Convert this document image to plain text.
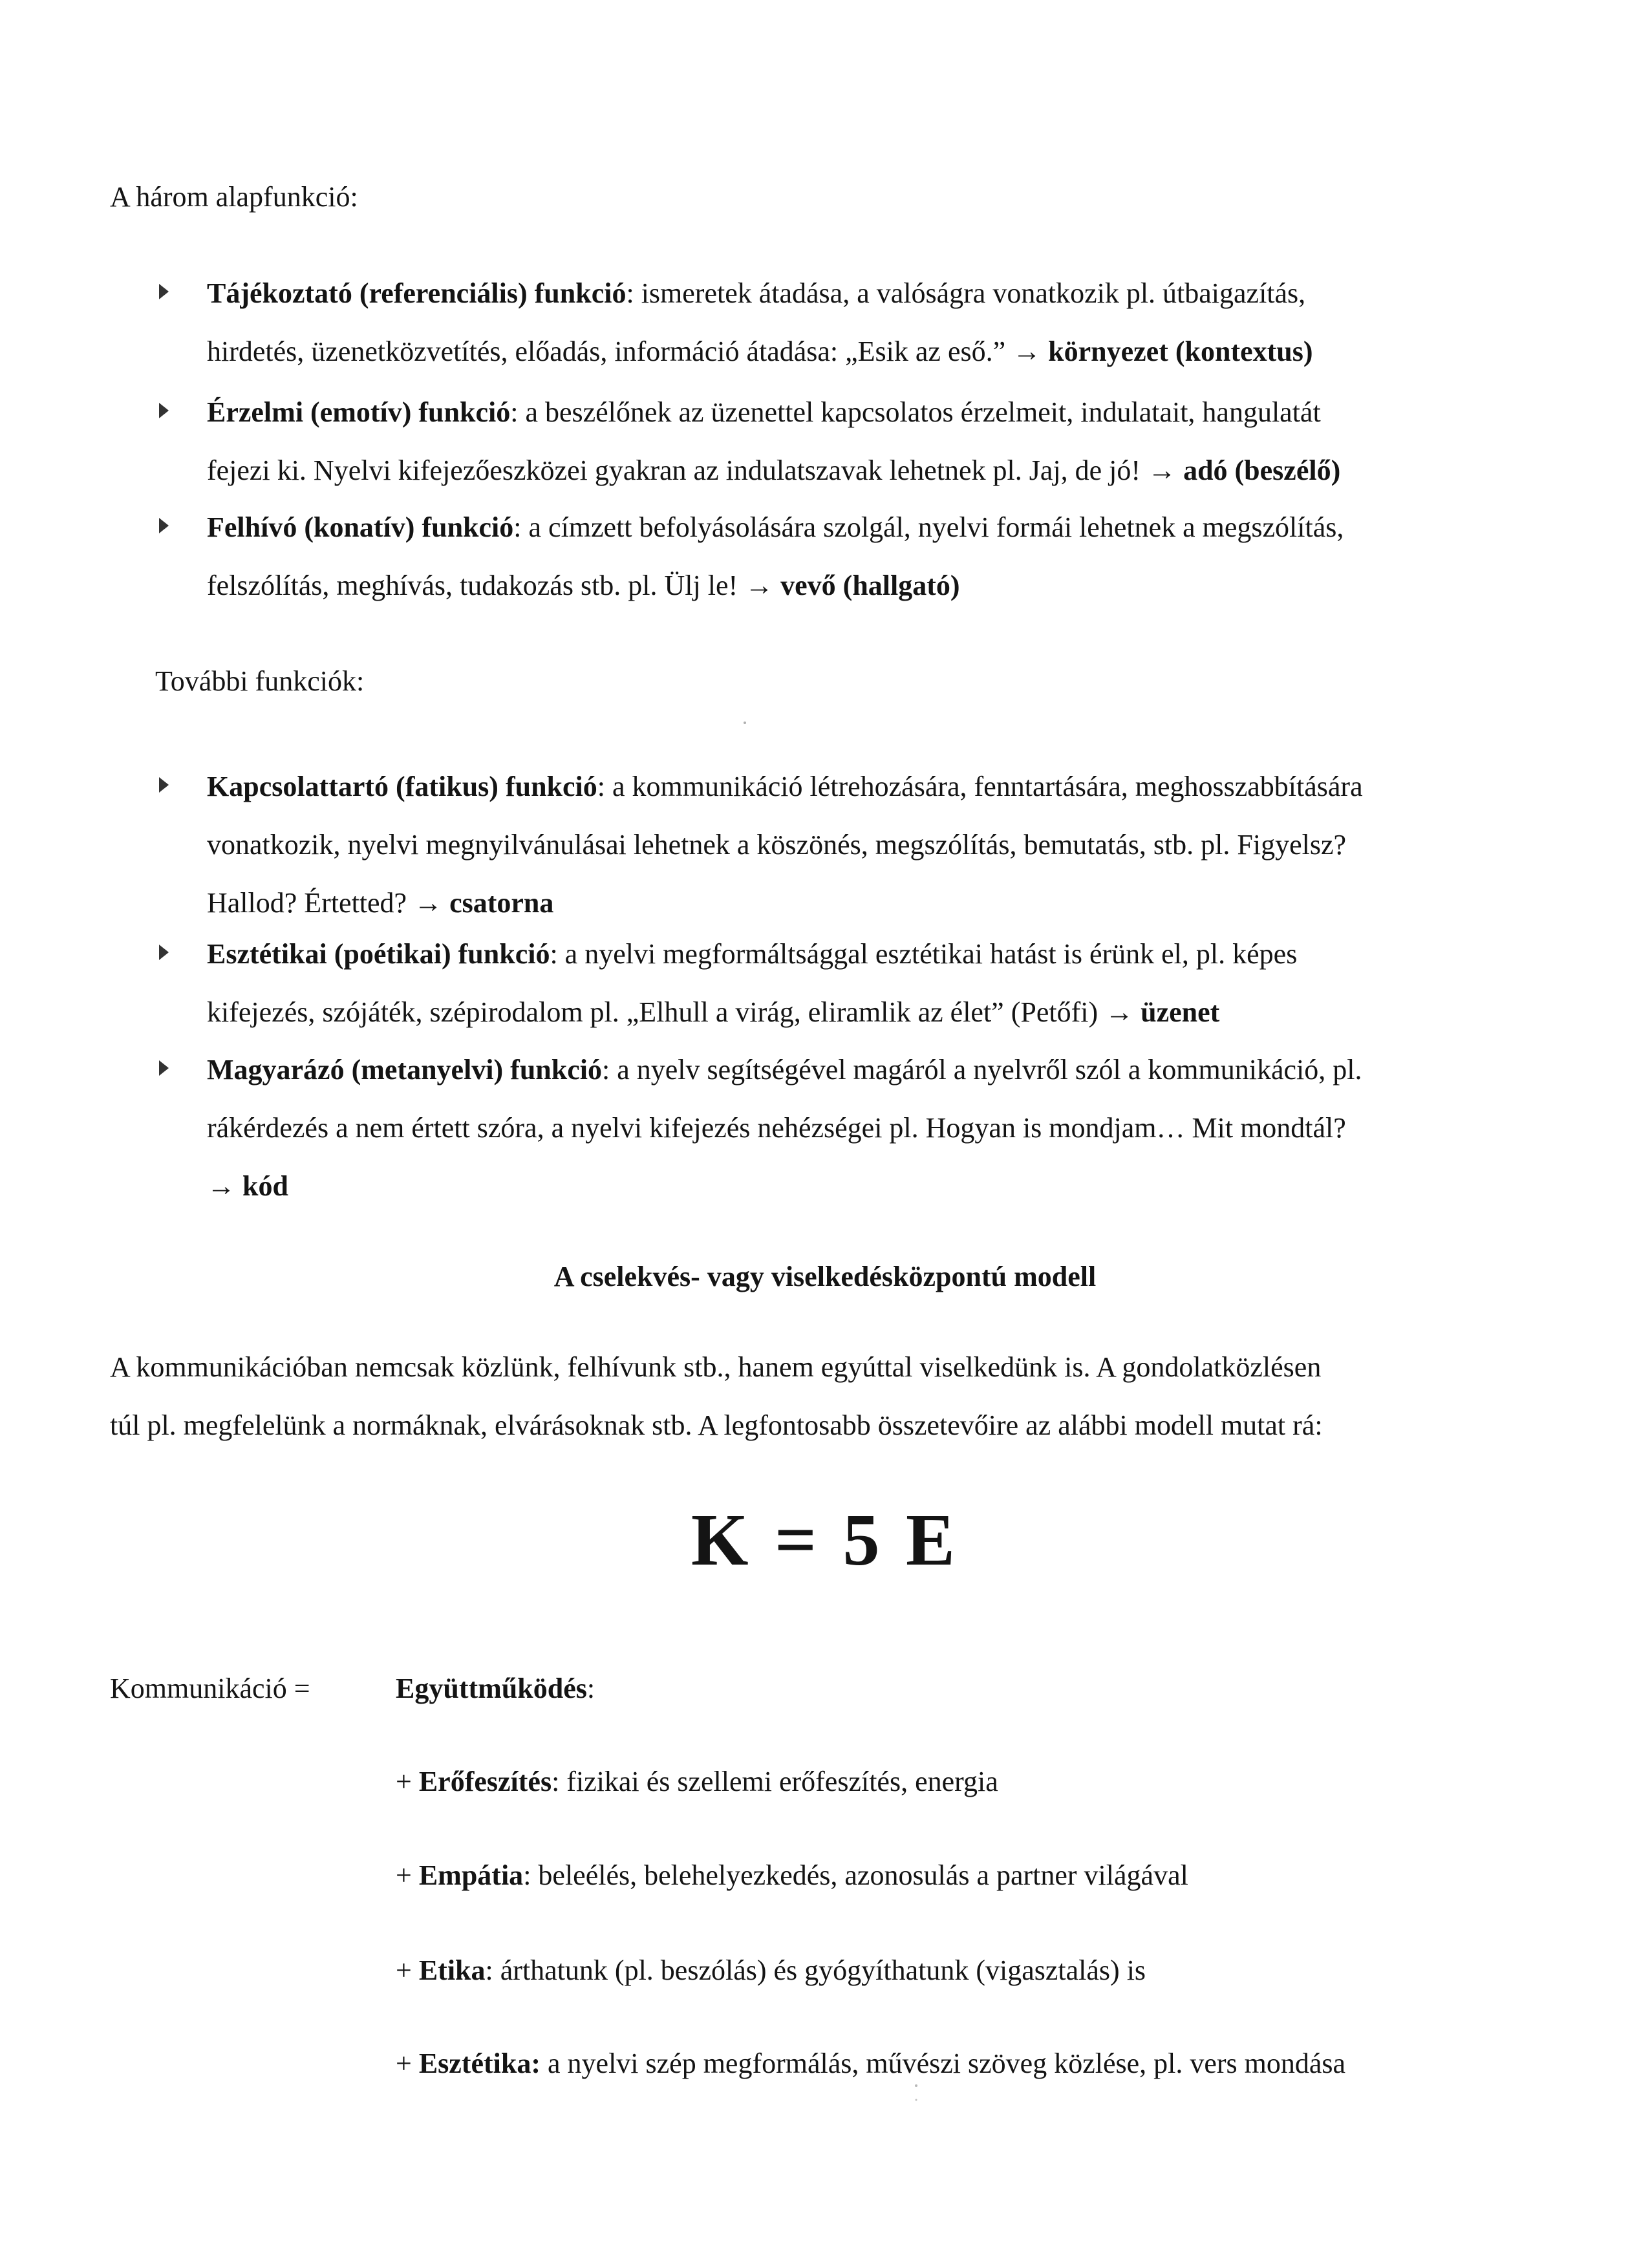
A három alapfunkció:
Tájékoztató (referenciális) funkció: ismeretek átadása, a valóságra vonatkozik pl. útbaigazítás,
hirdetés, üzenetközvetítés, előadás, információ átadása: „Esik az eső.” → környezet (kontextus)
Érzelmi (emotív) funkció: a beszélőnek az üzenettel kapcsolatos érzelmeit, indulatait, hangulatát
fejezi ki. Nyelvi kifejezőeszközei gyakran az indulatszavak lehetnek pl. Jaj, de jó! → adó (beszélő)
Felhívó (konatív) funkció: a címzett befolyásolására szolgál, nyelvi formái lehetnek a megszólítás,
felszólítás, meghívás, tudakozás stb. pl. Ülj le! → vevő (hallgató)
További funkciók:
Kapcsolattartó (fatikus) funkció: a kommunikáció létrehozására, fenntartására, meghosszabbítására
vonatkozik, nyelvi megnyilvánulásai lehetnek a köszönés, megszólítás, bemutatás, stb. pl. Figyelsz?
Hallod? Értetted? → csatorna
Esztétikai (poétikai) funkció: a nyelvi megformáltsággal esztétikai hatást is érünk el, pl. képes
kifejezés, szójáték, szépirodalom pl. „Elhull a virág, eliramlik az élet” (Petőfi) → üzenet
Magyarázó (metanyelvi) funkció: a nyelv segítségével magáról a nyelvről szól a kommunikáció, pl.
rákérdezés a nem értett szóra, a nyelvi kifejezés nehézségei pl. Hogyan is mondjam… Mit mondtál?
→ kód
A cselekvés- vagy viselkedésközpontú modell
A kommunikációban nemcsak közlünk, felhívunk stb., hanem egyúttal viselkedünk is. A gondolatközlésen
túl pl. megfelelünk a normáknak, elvárásoknak stb. A legfontosabb összetevőire az alábbi modell mutat rá:
K = 5 E
Kommunikáció =	Együttműködés:
+ Erőfeszítés: fizikai és szellemi erőfeszítés, energia
+ Empátia: beleélés, belehelyezkedés, azonosulás a partner világával
+ Etika: árthatunk (pl. beszólás) és gyógyíthatunk (vigasztalás) is
+ Esztétika: a nyelvi szép megformálás, művészi szöveg közlése, pl. vers mondása
